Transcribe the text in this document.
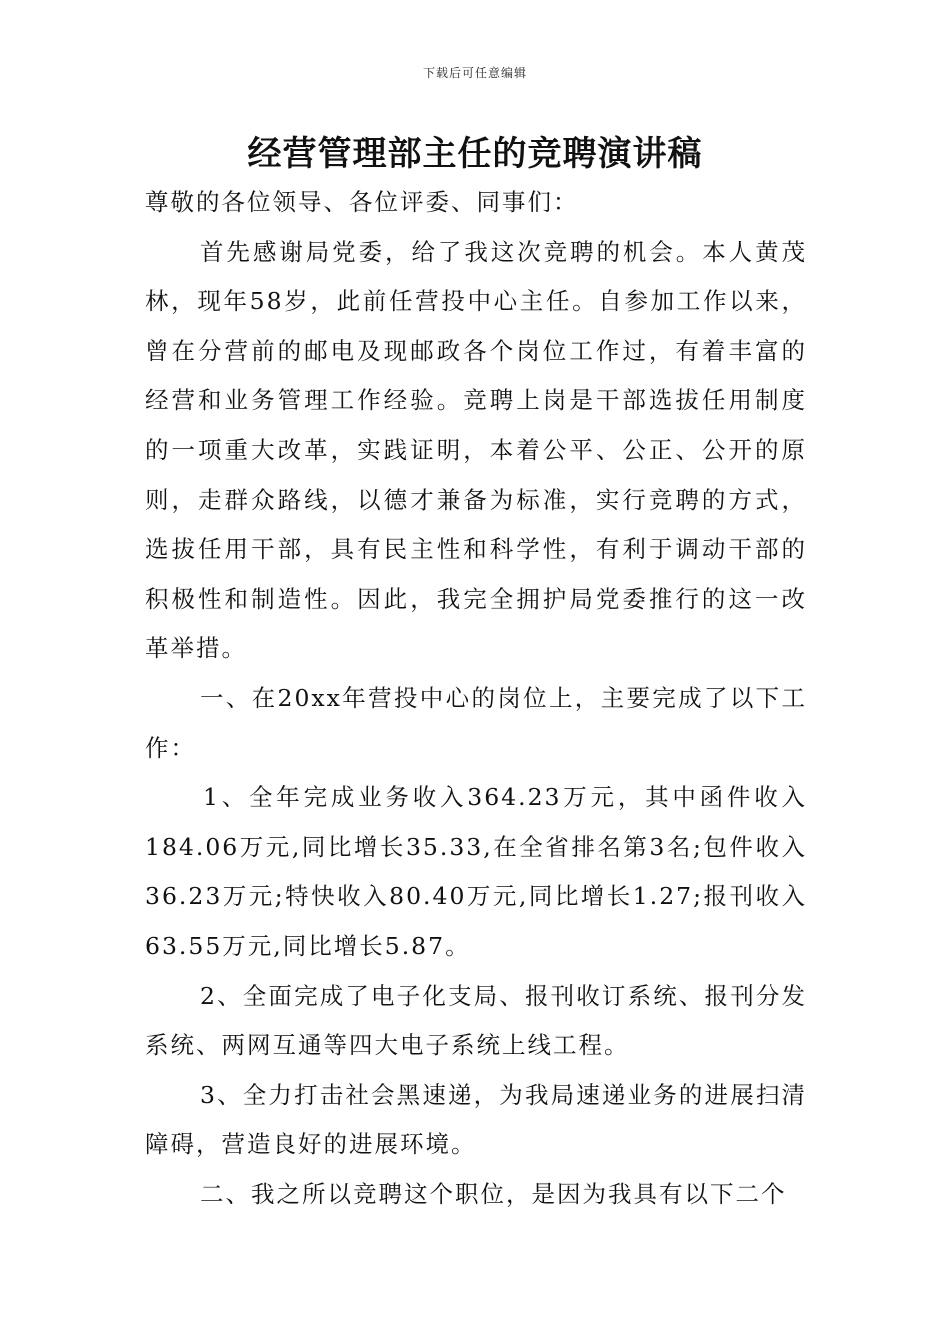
下载后可任意编辑
经营管理部主任的竞聘演讲稿

尊敬的各位领导、各位评委、同事们：

首先感谢局党委，给了我这次竞聘的机会。本人黄茂林，现年58岁，此前任营投中心主任。自参加工作以来，曾在分营前的邮电及现邮政各个岗位工作过，有着丰富的经营和业务管理工作经验。竞聘上岗是干部选拔任用制度的一项重大改革，实践证明，本着公平、公正、公开的原则，走群众路线，以德才兼备为标准，实行竞聘的方式，选拔任用干部，具有民主性和科学性，有利于调动干部的积极性和制造性。因此，我完全拥护局党委推行的这一改革举措。

一、在20xx年营投中心的岗位上，主要完成了以下工作：

1、全年完成业务收入364.23万元，其中函件收入184.06万元,同比增长35.33,在全省排名第3名;包件收入36.23万元;特快收入80.40万元,同比增长1.27;报刊收入63.55万元,同比增长5.87。

2、全面完成了电子化支局、报刊收订系统、报刊分发系统、两网互通等四大电子系统上线工程。

3、全力打击社会黑速递，为我局速递业务的进展扫清障碍，营造良好的进展环境。

二、我之所以竞聘这个职位，是因为我具有以下二个
